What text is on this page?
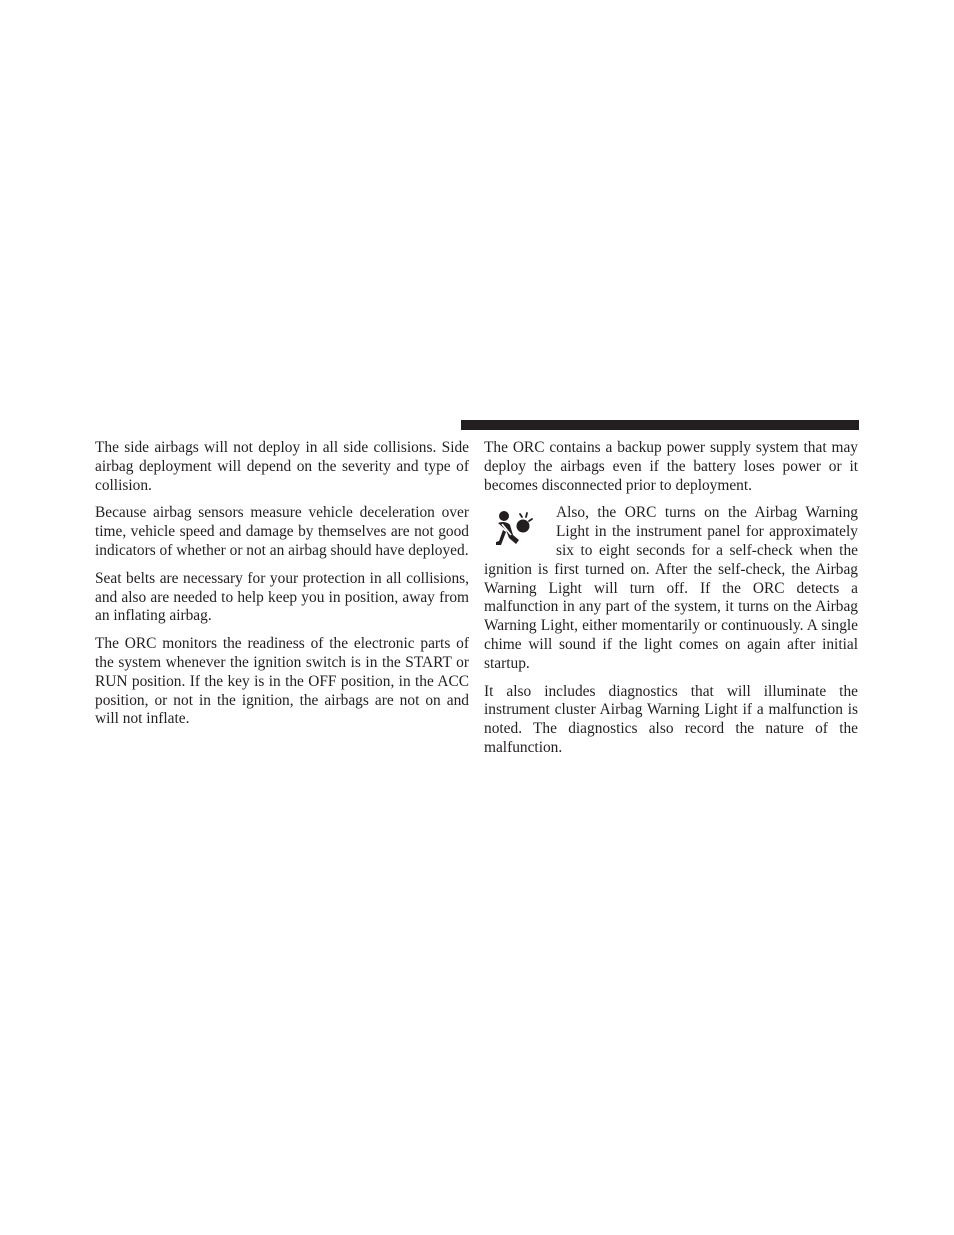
The side airbags will not deploy in all side collisions. Side airbag deployment will depend on the severity and type of collision.

Because airbag sensors measure vehicle deceleration over time, vehicle speed and damage by themselves are not good indicators of whether or not an airbag should have deployed.

Seat belts are necessary for your protection in all collisions, and also are needed to help keep you in position, away from an inflating airbag.

The ORC monitors the readiness of the electronic parts of the system whenever the ignition switch is in the START or RUN position. If the key is in the OFF position, in the ACC position, or not in the ignition, the airbags are not on and will not inflate.

The ORC contains a backup power supply system that may deploy the airbags even if the battery loses power or it becomes disconnected prior to deployment.

Also, the ORC turns on the Airbag Warning Light in the instrument panel for approximately six to eight seconds for a self-check when the ignition is first turned on. After the self-check, the Airbag Warning Light will turn off. If the ORC detects a malfunction in any part of the system, it turns on the Airbag Warning Light, either momentarily or continuously. A single chime will sound if the light comes on again after initial startup.

It also includes diagnostics that will illuminate the instrument cluster Airbag Warning Light if a malfunction is noted. The diagnostics also record the nature of the malfunction.
